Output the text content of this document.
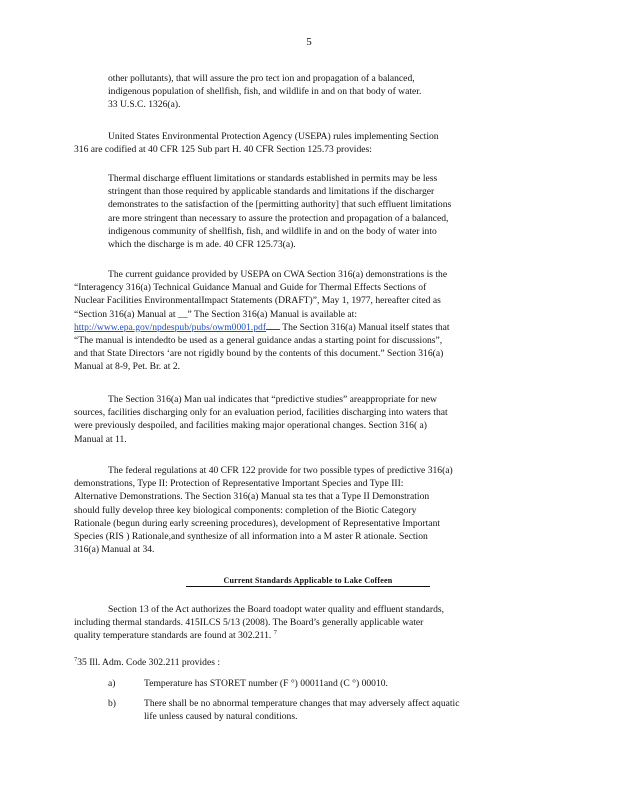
5
other pollutants), that will assure the pro tect ion and propagation of a balanced,
indigenous population of shellfish, fish, and wildlife in and on that body of water.
33 U.S.C. 1326(a).
United States Environmental Protection Agency (USEPA) rules implementing Section
316 are codified at 40 CFR 125 Sub part H. 40 CFR Section 125.73 provides:
Thermal discharge effluent limitations or standards established in permits may be less
stringent than those required by applicable standards and limitations if the discharger
demonstrates to the satisfaction of the [permitting authority] that such effluent limitations
are more stringent than necessary to assure the protection and propagation of a balanced,
indigenous community of shellfish, fish, and wildlife in and on the body of water into
which the discharge is m ade. 40 CFR 125.73(a).
The current guidance provided by USEPA on CWA Section 316(a) demonstrations is the
“Interagency 316(a) Technical Guidance Manual and Guide for Thermal Effects Sections of
Nuclear Facilities EnvironmentalImpact Statements (DRAFT)”, May 1, 1977, hereafter cited as
“Section 316(a) Manual at __” The Section 316(a) Manual is available at:
http://www.epa.gov/npdespub/pubs/owm0001.pdf The Section 316(a) Manual itself states that
“The manual is intendedto be used as a general guidance andas a starting point for discussions”,
and that State Directors ‘are not rigidly bound by the contents of this document.” Section 316(a)
Manual at 8-9, Pet. Br. at 2.
The Section 316(a) Man ual indicates that “predictive studies” areappropriate for new
sources, facilities discharging only for an evaluation period, facilities discharging into waters that
were previously despoiled, and facilities making major operational changes. Section 316( a)
Manual at 11.
The federal regulations at 40 CFR 122 provide for two possible types of predictive 316(a)
demonstrations, Type II: Protection of Representative Important Species and Type III:
Alternative Demonstrations. The Section 316(a) Manual sta tes that a Type II Demonstration
should fully develop three key biological components: completion of the Biotic Category
Rationale (begun during early screening procedures), development of Representative Important
Species (RIS ) Rationale,and synthesize of all information into a M aster R ationale. Section
316(a) Manual at 34.
Current Standards Applicable to Lake Coffeen
Section 13 of the Act authorizes the Board toadopt water quality and effluent standards,
including thermal standards. 415ILCS 5/13 (2008). The Board’s generally applicable water
quality temperature standards are found at 302.211. $^7$
$^7$35 Ill. Adm. Code 302.211 provides :
a)	Temperature has STORET number (F °) 00011and (C °) 00010.
b)	There shall be no abnormal temperature changes that may adversely affect aquatic
life unless caused by natural conditions.
